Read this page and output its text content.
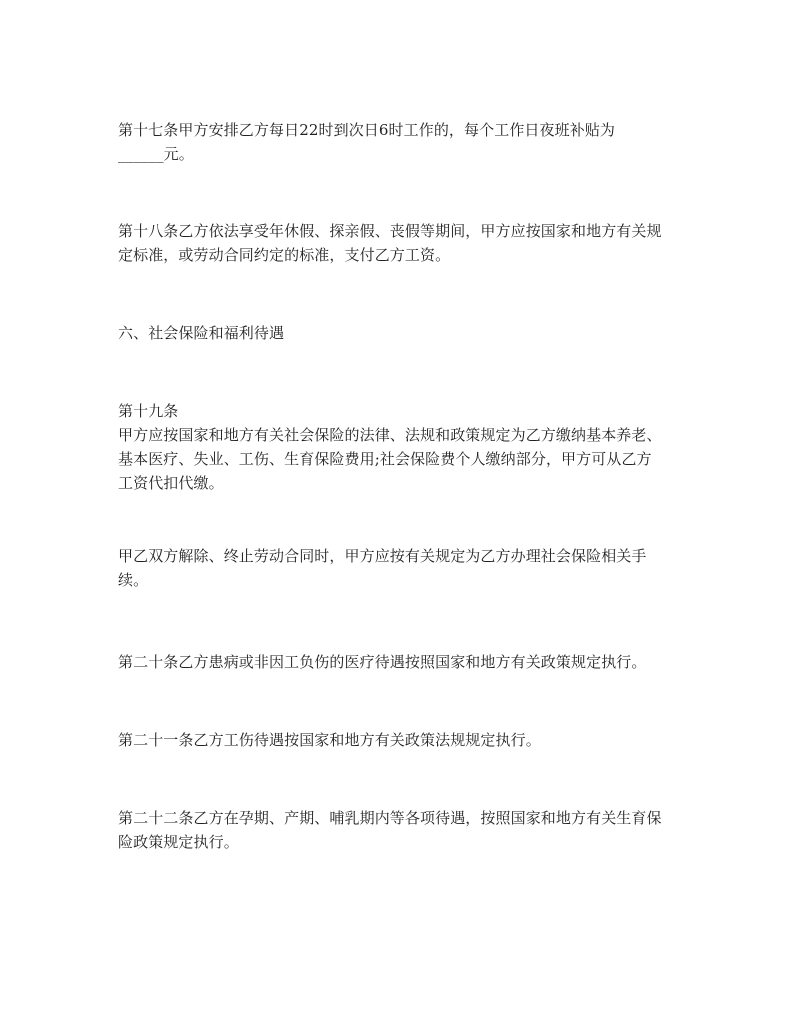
第十七条甲方安排乙方每日22时到次日6时工作的，每个工作日夜班补贴为
______元。

第十八条乙方依法享受年休假、探亲假、丧假等期间，甲方应按国家和地方有关规
定标准，或劳动合同约定的标准，支付乙方工资。

六、社会保险和福利待遇

第十九条
甲方应按国家和地方有关社会保险的法律、法规和政策规定为乙方缴纳基本养老、
基本医疗、失业、工伤、生育保险费用;社会保险费个人缴纳部分，甲方可从乙方
工资代扣代缴。

甲乙双方解除、终止劳动合同时，甲方应按有关规定为乙方办理社会保险相关手
续。

第二十条乙方患病或非因工负伤的医疗待遇按照国家和地方有关政策规定执行。

第二十一条乙方工伤待遇按国家和地方有关政策法规规定执行。

第二十二条乙方在孕期、产期、哺乳期内等各项待遇，按照国家和地方有关生育保
险政策规定执行。
